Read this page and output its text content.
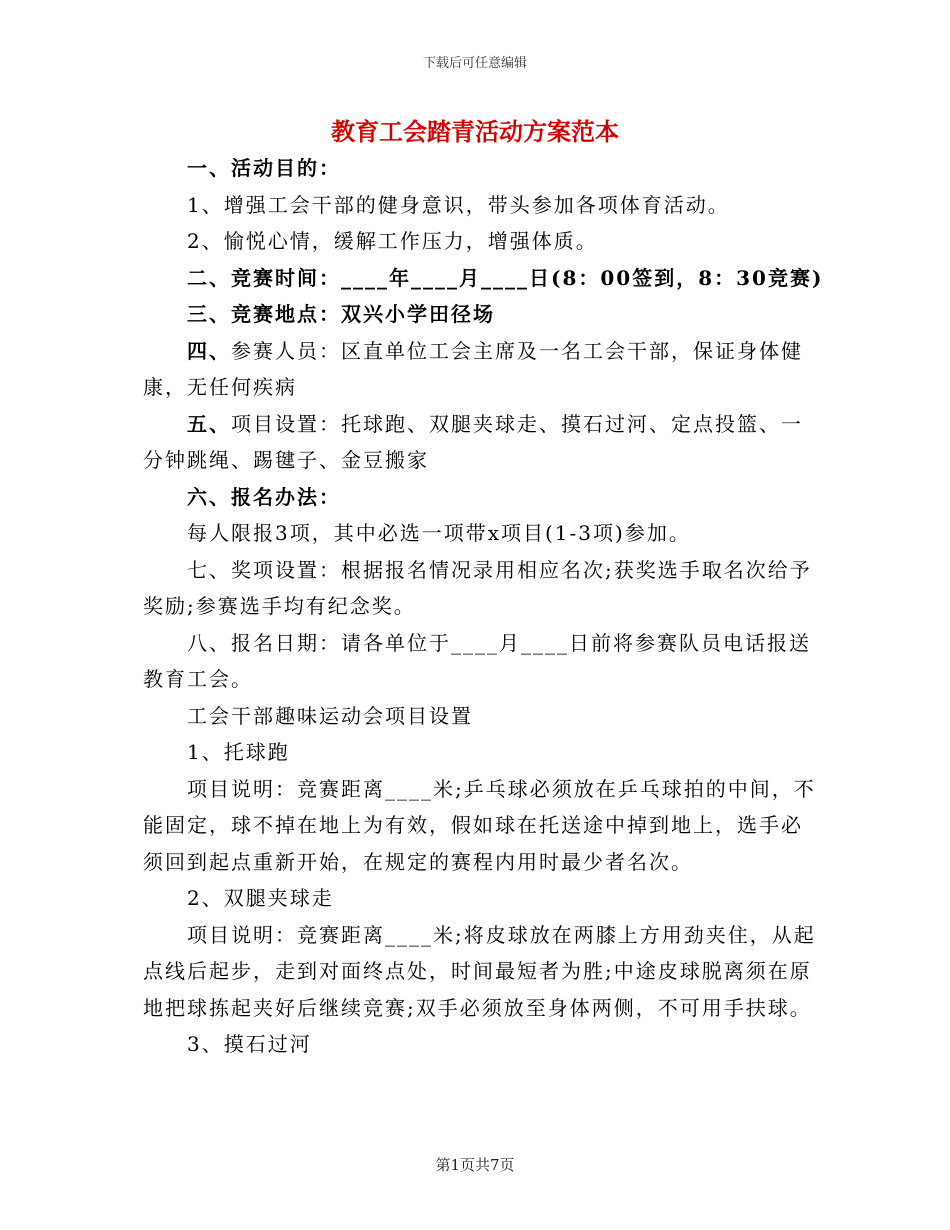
下载后可任意编辑
教育工会踏青活动方案范本

一、活动目的：

1、增强工会干部的健身意识，带头参加各项体育活动。

2、愉悦心情，缓解工作压力，增强体质。

二、竞赛时间：____年____月____日(8：00签到，8：30竞赛)

三、竞赛地点：双兴小学田径场

四、参赛人员：区直单位工会主席及一名工会干部，保证身体健

康，无任何疾病

五、项目设置：托球跑、双腿夹球走、摸石过河、定点投篮、一

分钟跳绳、踢毽子、金豆搬家

六、报名办法：

每人限报3项，其中必选一项带x项目(1-3项)参加。

七、奖项设置：根据报名情况录用相应名次;获奖选手取名次给予

奖励;参赛选手均有纪念奖。

八、报名日期：请各单位于____月____日前将参赛队员电话报送

教育工会。

工会干部趣味运动会项目设置

1、托球跑

项目说明：竞赛距离____米;乒乓球必须放在乒乓球拍的中间，不

能固定，球不掉在地上为有效，假如球在托送途中掉到地上，选手必

须回到起点重新开始，在规定的赛程内用时最少者名次。

2、双腿夹球走

项目说明：竞赛距离____米;将皮球放在两膝上方用劲夹住，从起

点线后起步，走到对面终点处，时间最短者为胜;中途皮球脱离须在原

地把球拣起夹好后继续竞赛;双手必须放至身体两侧，不可用手扶球。

3、摸石过河

第1页共7页
